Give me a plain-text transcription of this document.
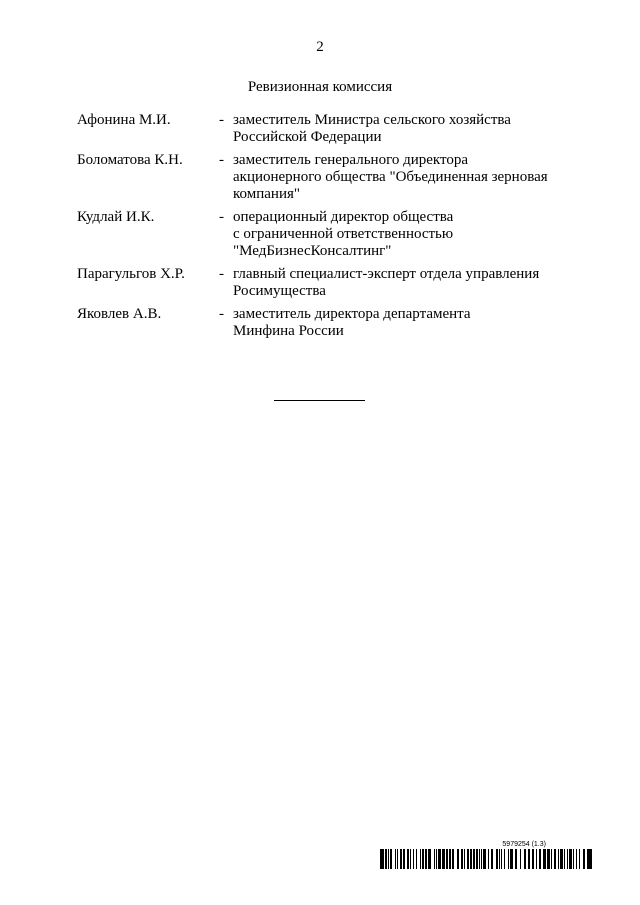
2
Ревизионная комиссия
Афонина М.И.	- заместитель Министра сельского хозяйства
Российской Федерации
Боломатова К.Н.	- заместитель генерального директора
акционерного общества "Объединенная зерновая
компания"
Кудлай И.К.	- операционный директор общества
с ограниченной ответственностью
"МедБизнесКонсалтинг"
Парагульгов Х.Р.	- главный специалист-эксперт отдела управления
Росимущества
Яковлев А.В.	- заместитель директора департамента
Минфина России
5979254 (1.3)
